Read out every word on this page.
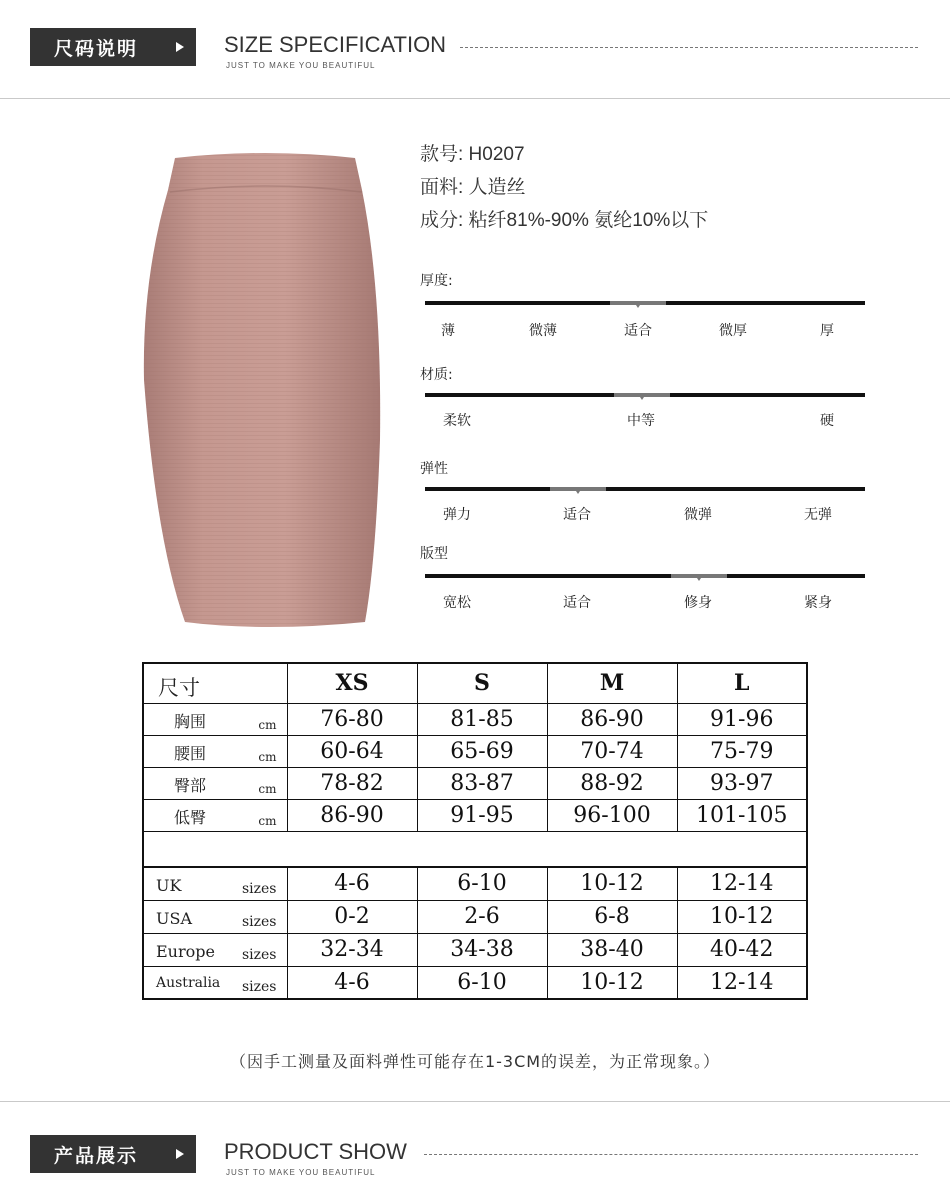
尺码说明	SIZE SPECIFICATION
JUST TO MAKE YOU BEAUTIFUL
款号: H0207
面料: 人造丝
成分: 粘纤81%-90% 氨纶10%以下
厚度:
薄	微薄	适合	微厚	厚
材质:
柔软	中等	硬
弹性
弹力	适合	微弹	无弹
版型
宽松	适合	修身	紧身
尺寸	XS	S	M	L

胸围 cm	76-80	81-85	86-90	91-96

腰围 cm	60-64	65-69	70-74	75-79

臀部 cm	78-82	83-87	88-92	93-97

低臀 cm	86-90	91-95	96-100	101-105

UK sizes	4-6	6-10	10-12	12-14

USA sizes	0-2	2-6	6-8	10-12

Europe sizes	32-34	34-38	38-40	40-42

Australia sizes	4-6	6-10	10-12	12-14
（因手工测量及面料弹性可能存在1-3CM的误差，为正常现象。）
产品展示	PRODUCT SHOW
JUST TO MAKE YOU BEAUTIFUL
